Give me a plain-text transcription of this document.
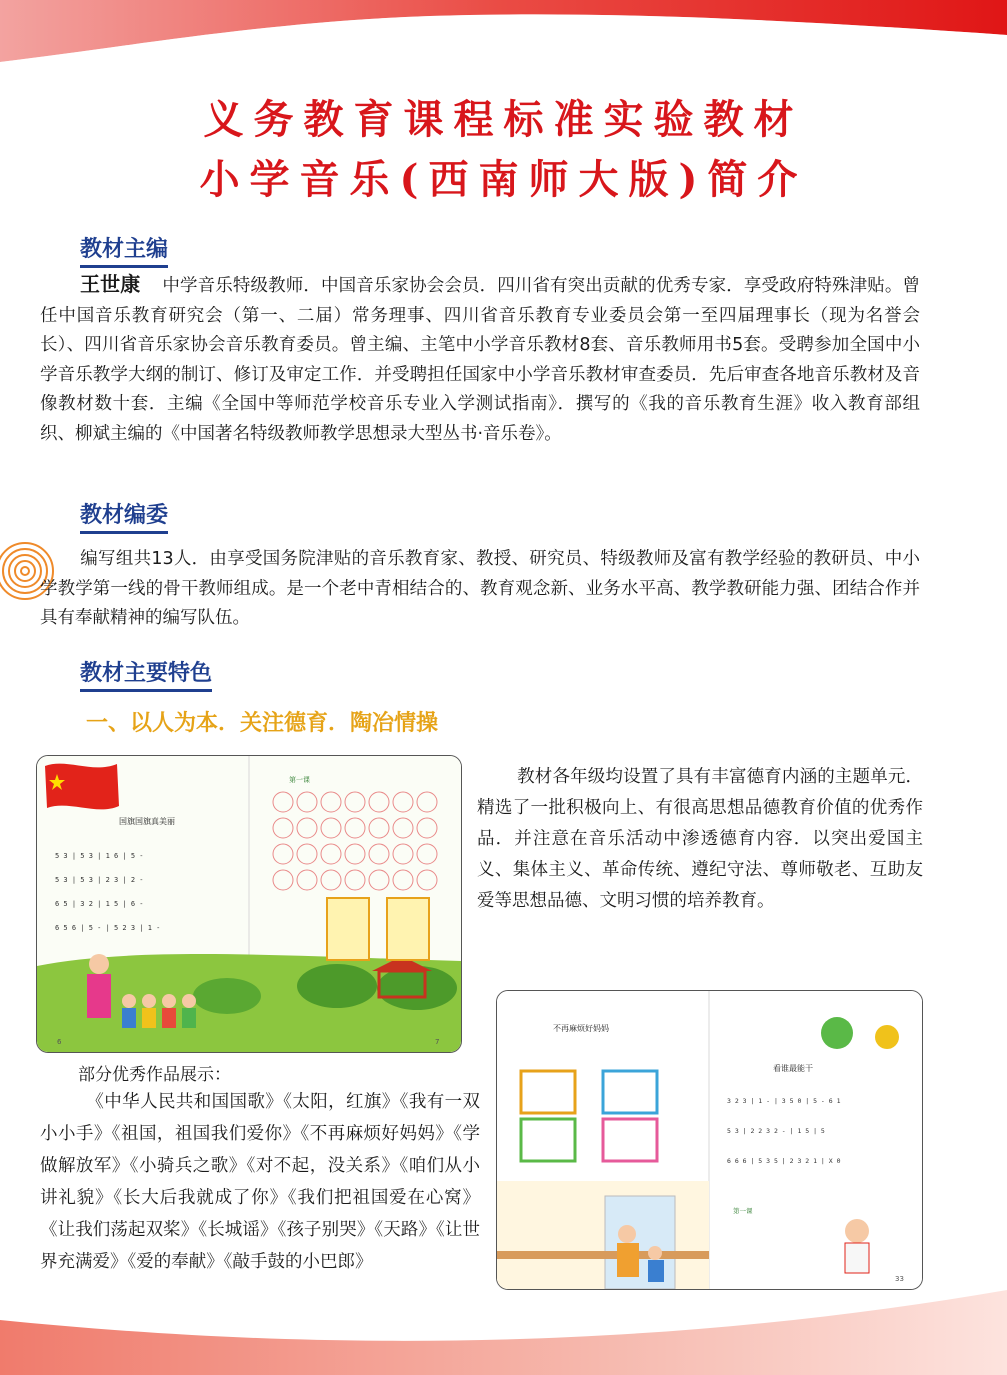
义务教育课程标准实验教材
小学音乐(西南师大版)简介
教材主编
王世康 中学音乐特级教师．中国音乐家协会会员．四川省有突出贡献的优秀专家．享受政府特殊津贴。曾任中国音乐教育研究会（第一、二届）常务理事、四川省音乐教育专业委员会第一至四届理事长（现为名誉会长）、四川省音乐家协会音乐教育委员。曾主编、主笔中小学音乐教材8套、音乐教师用书5套。受聘参加全国中小学音乐教学大纲的制订、修订及审定工作．并受聘担任国家中小学音乐教材审查委员．先后审查各地音乐教材及音像教材数十套．主编《全国中等师范学校音乐专业入学测试指南》．撰写的《我的音乐教育生涯》收入教育部组织、柳斌主编的《中国著名特级教师教学思想录大型丛书·音乐卷》。
教材编委
编写组共13人．由享受国务院津贴的音乐教育家、教授、研究员、特级教师及富有教学经验的教研员、中小学教学第一线的骨干教师组成。是一个老中青相结合的、教育观念新、业务水平高、教学教研能力强、团结合作并具有奉献精神的编写队伍。
教材主要特色
一、以人为本．关注德育．陶冶情操
5 3 | 5 3 | 1 6 | 5 -
5 3 | 5 3 | 2 3 | 2 -
6 5 | 3 2 | 1 5 | 6 -
6 5 6 | 5 - | 5 2 3 | 1 -
国旗国旗真美丽
第一课
6	7
教材各年级均设置了具有丰富德育内涵的主题单元．精选了一批积极向上、有很高思想品德教育价值的优秀作品．并注意在音乐活动中渗透德育内容．以突出爱国主义、集体主义、革命传统、遵纪守法、尊师敬老、互助友爱等思想品德、文明习惯的培养教育。
不再麻烦好妈妈
看谁最能干
3 2 3 | 1 - | 3 5 0 | 5 - 6 1
5 3 | 2 2 3 2 - | 1 5 | 5
6 6 6 | 5 3 5 | 2 3 2 1 | X 0
第一课
33
部分优秀作品展示：
《中华人民共和国国歌》《太阳，红旗》《我有一双小小手》《祖国，祖国我们爱你》《不再麻烦好妈妈》《学做解放军》《小骑兵之歌》《对不起，没关系》《咱们从小讲礼貌》《长大后我就成了你》《我们把祖国爱在心窝》《让我们荡起双桨》《长城谣》《孩子别哭》《天路》《让世界充满爱》《爱的奉献》《敲手鼓的小巴郎》
